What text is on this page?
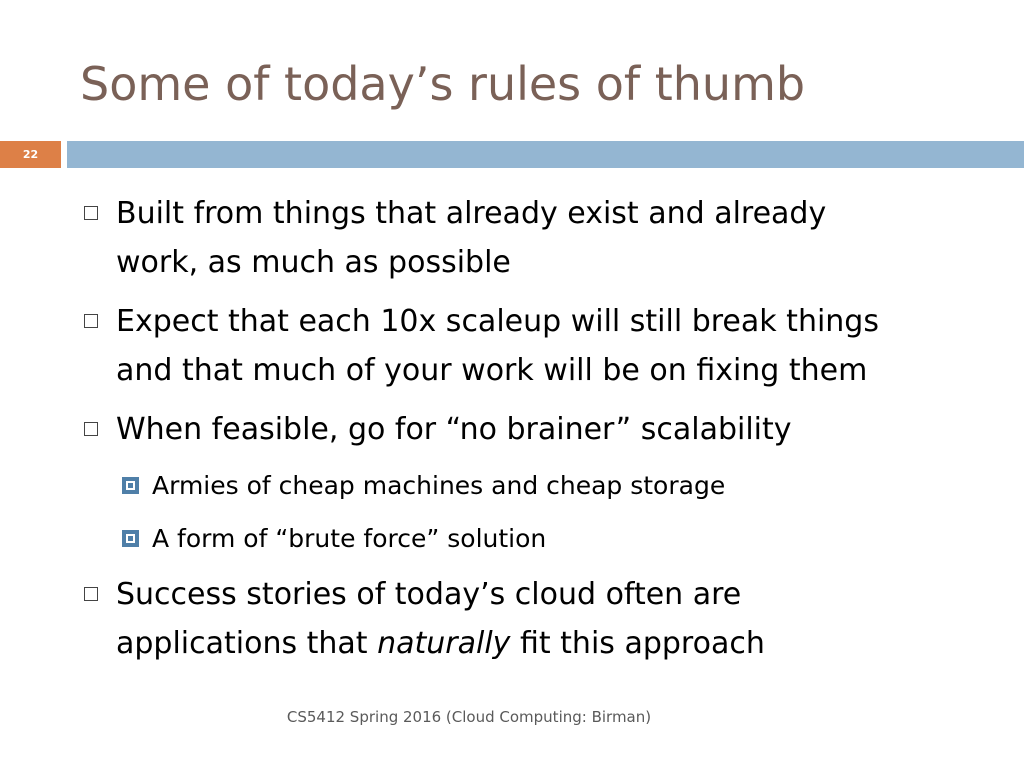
Some of today’s rules of thumb
22
Built from things that already exist and already
work, as much as possible
Expect that each 10x scaleup will still break things
and that much of your work will be on fixing them
When feasible, go for “no brainer” scalability
Armies of cheap machines and cheap storage
A form of “brute force” solution
Success stories of today’s cloud often are
applications that naturally fit this approach
CS5412 Spring 2016 (Cloud Computing: Birman)
